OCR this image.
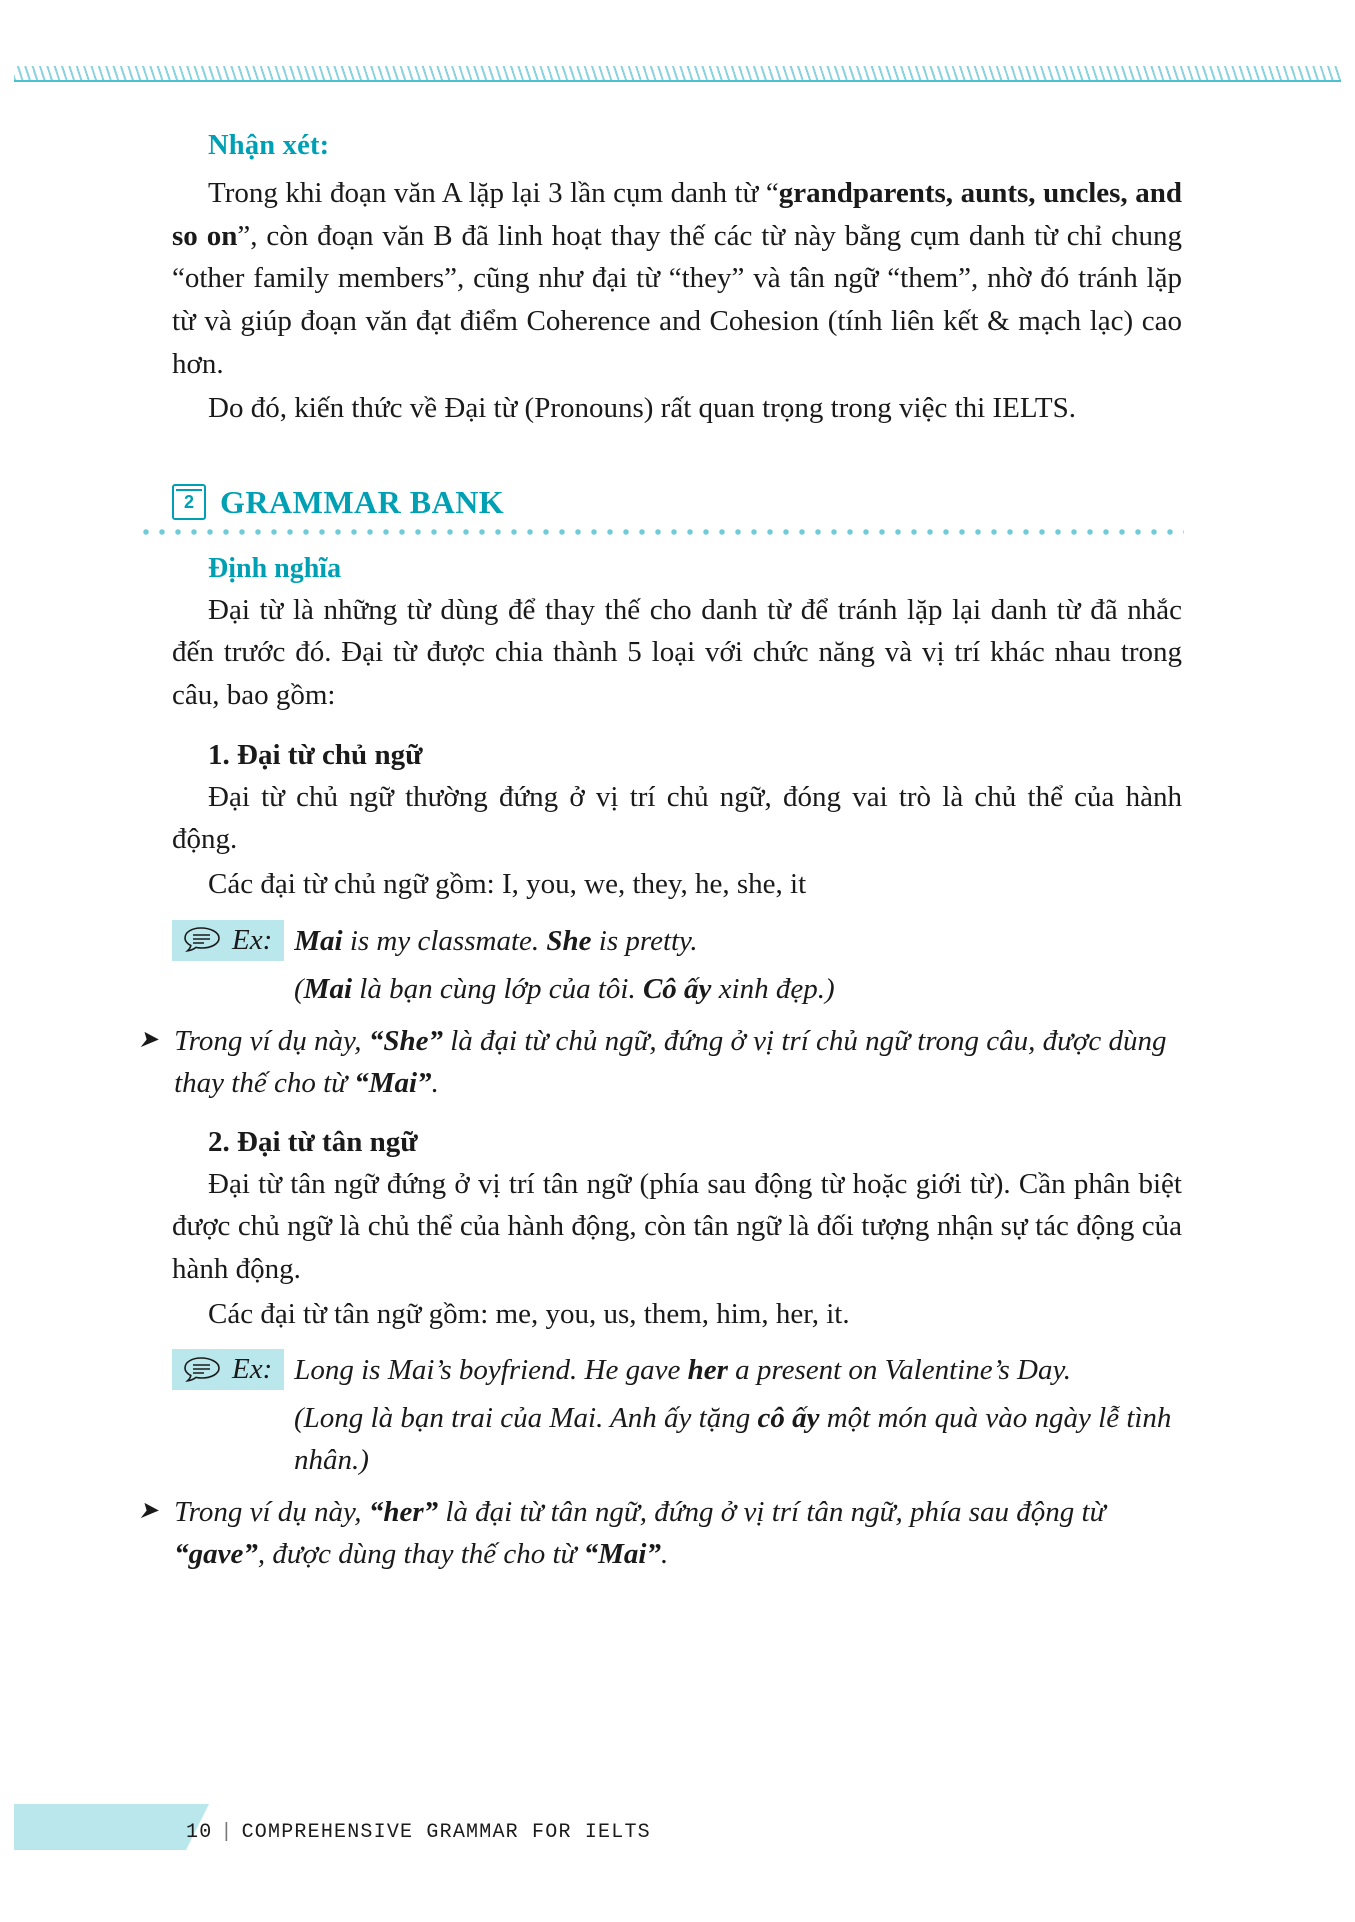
Nhận xét:

Trong khi đoạn văn A lặp lại 3 lần cụm danh từ “grandparents, aunts, uncles, and so on”, còn đoạn văn B đã linh hoạt thay thế các từ này bằng cụm danh từ chỉ chung “other family members”, cũng như đại từ “they” và tân ngữ “them”, nhờ đó tránh lặp từ và giúp đoạn văn đạt điểm Coherence and Cohesion (tính liên kết & mạch lạc) cao hơn.

Do đó, kiến thức về Đại từ (Pronouns) rất quan trọng trong việc thi IELTS.

2 GRAMMAR BANK
Định nghĩa

Đại từ là những từ dùng để thay thế cho danh từ để tránh lặp lại danh từ đã nhắc đến trước đó. Đại từ được chia thành 5 loại với chức năng và vị trí khác nhau trong câu, bao gồm:

1. Đại từ chủ ngữ

Đại từ chủ ngữ thường đứng ở vị trí chủ ngữ, đóng vai trò là chủ thể của hành động.

Các đại từ chủ ngữ gồm: I, you, we, they, he, she, it

Ex: Mai is my classmate. She is pretty.
(Mai là bạn cùng lớp của tôi. Cô ấy xinh đẹp.)
➤ Trong ví dụ này, “She” là đại từ chủ ngữ, đứng ở vị trí chủ ngữ trong câu, được dùng thay thế cho từ “Mai”.
2. Đại từ tân ngữ

Đại từ tân ngữ đứng ở vị trí tân ngữ (phía sau động từ hoặc giới từ). Cần phân biệt được chủ ngữ là chủ thể của hành động, còn tân ngữ là đối tượng nhận sự tác động của hành động.

Các đại từ tân ngữ gồm: me, you, us, them, him, her, it.

Ex: Long is Mai’s boyfriend. He gave her a present on Valentine’s Day.
(Long là bạn trai của Mai. Anh ấy tặng cô ấy một món quà vào ngày lễ tình nhân.)
➤ Trong ví dụ này, “her” là đại từ tân ngữ, đứng ở vị trí tân ngữ, phía sau động từ “gave”, được dùng thay thế cho từ “Mai”.
10 | COMPREHENSIVE GRAMMAR FOR IELTS
